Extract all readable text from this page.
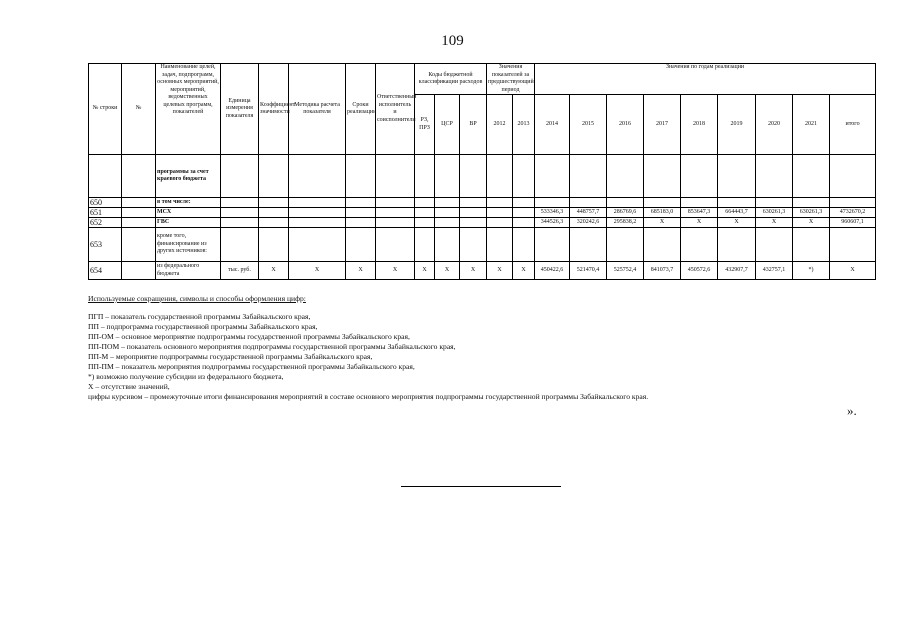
109
№ строки	№	Наименование целей, задач, подпрограмм, основных мероприятий, мероприятий, ведомственных целевых программ, показателей	Единица измерения показателя	Коэффициент значимости	Методика расчета показателя	Сроки реализации	Ответственный исполнитель и соисполнители	Коды бюджетной классификации расходов			Значения показателей за предшествующий период		Значения по годам реализации								
								РЗ, ПРЗ	ЦСР	ВР	2012	2013	2014	2015	2016	2017	2018	2019	2020	2021	итого
		программы за счет краевого бюджета																			
650		в том числе:																			
651		МСХ											533346,3	448757,7	286769,6	685183,0	853647,3	664443,7	630261,3	630261,3	4732670,2
652		ГВС											344526,3	320242,6	295838,2	X	X	X	X	X	960607,1
653		кроме того, финансирование из других источников:																			
654		из федерального бюджета	тыс. руб.	X	X	X	X	X	X	X	X	X	450422,6	521470,4	525752,4	841073,7	450572,6	432907,7	432757,1	*)	X
Используемые сокращения, символы и способы оформления цифр:
ПГП – показатель государственной программы Забайкальского края,
ПП – подпрограмма государственной программы Забайкальского края,
ПП-ОМ – основное мероприятие подпрограммы государственной программы Забайкальского края,
ПП-ПОМ – показатель основного мероприятия подпрограммы государственной программы Забайкальского края,
ПП-М – мероприятие подпрограммы государственной программы Забайкальского края,
ПП-ПМ – показатель мероприятия подпрограммы государственной программы Забайкальского края,
*) возможно получение субсидии из федерального бюджета,
Х – отсутствие значений,
цифры курсивом – промежуточные итоги финансирования мероприятий в составе основного мероприятия подпрограммы государственной программы Забайкальского края.
».
